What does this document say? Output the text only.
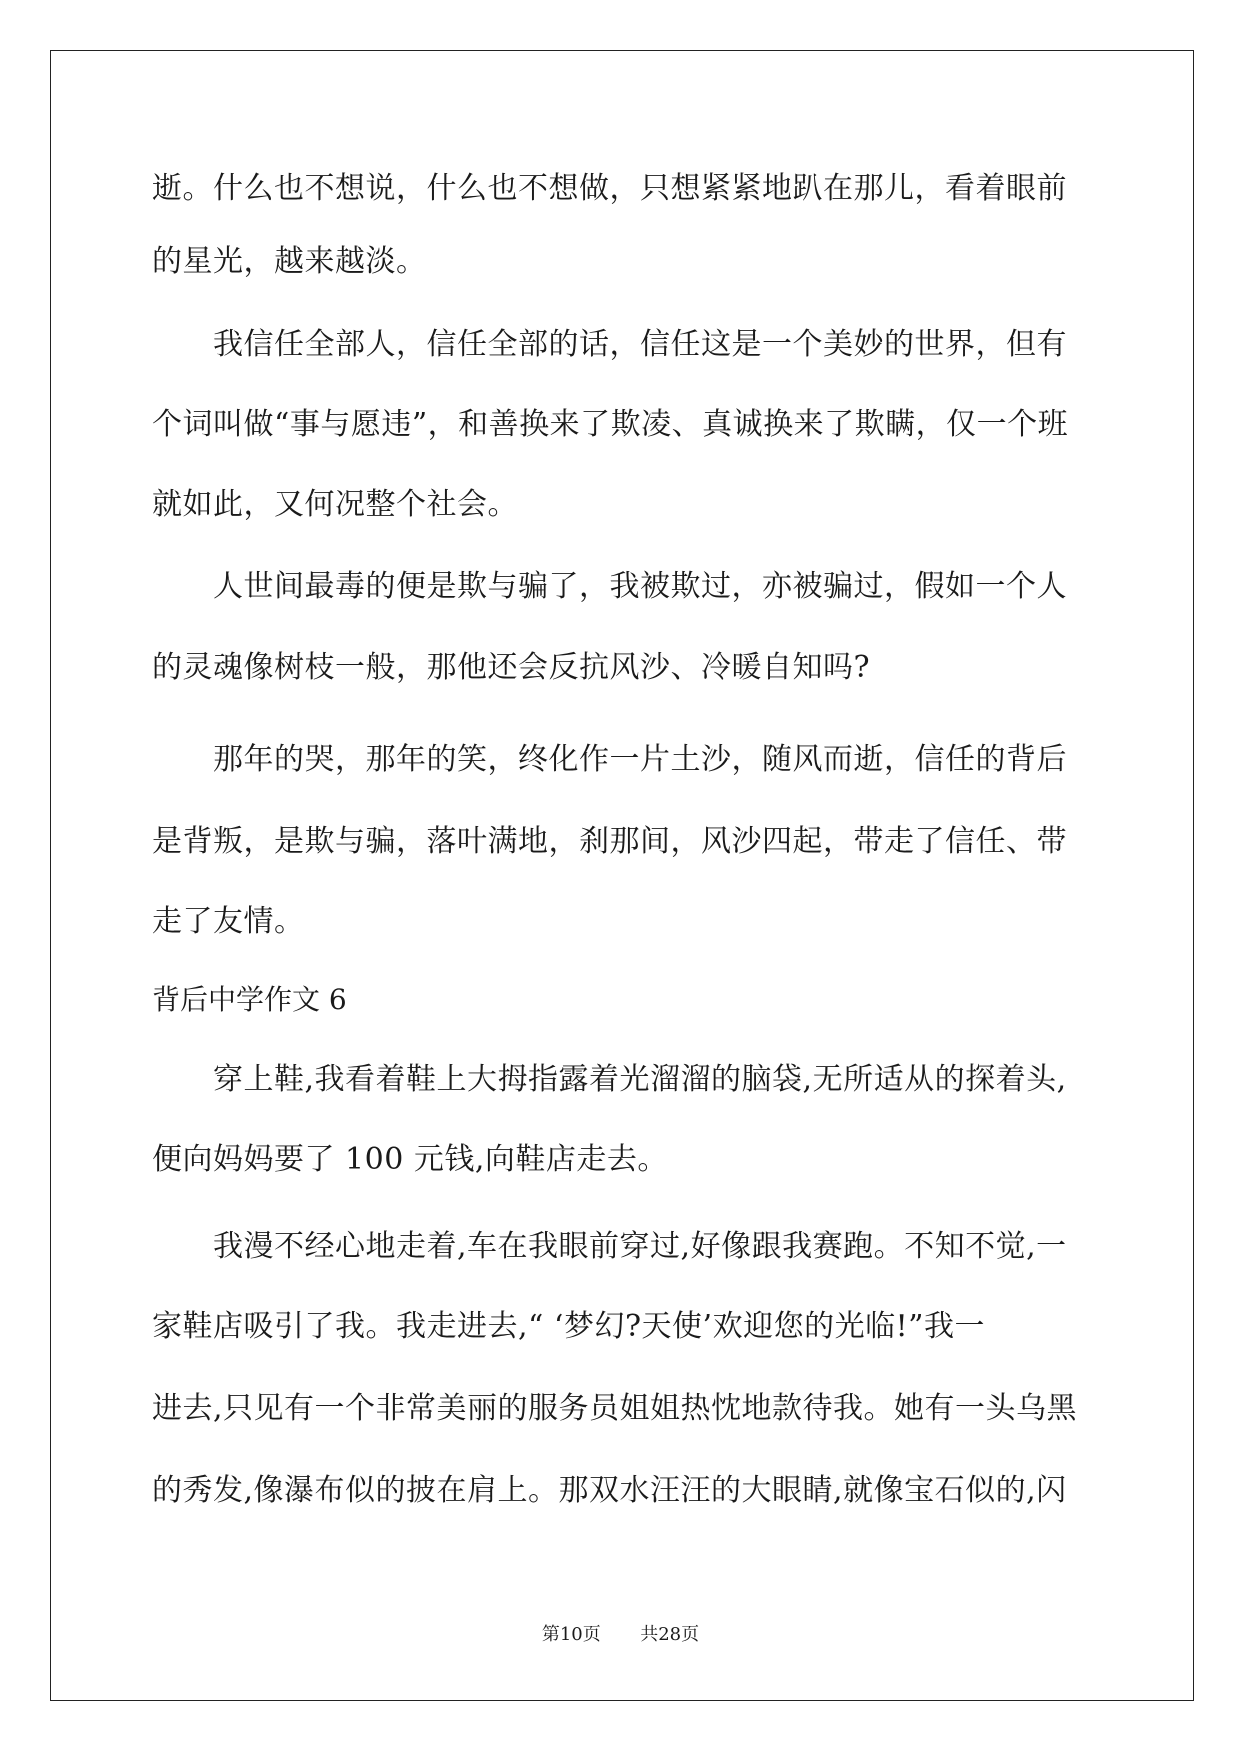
逝。什么也不想说，什么也不想做，只想紧紧地趴在那儿，看着眼前
的星光，越来越淡。
　　我信任全部人，信任全部的话，信任这是一个美妙的世界，但有
个词叫做“事与愿违”，和善换来了欺凌、真诚换来了欺瞒，仅一个班
就如此，又何况整个社会。
　　人世间最毒的便是欺与骗了，我被欺过，亦被骗过，假如一个人
的灵魂像树枝一般，那他还会反抗风沙、冷暖自知吗?
　　那年的哭，那年的笑，终化作一片土沙，随风而逝，信任的背后
是背叛，是欺与骗，落叶满地，刹那间，风沙四起，带走了信任、带
走了友情。
背后中学作文 6
　　穿上鞋,我看着鞋上大拇指露着光溜溜的脑袋,无所适从的探着头,
便向妈妈要了 100 元钱,向鞋店走去。
　　我漫不经心地走着,车在我眼前穿过,好像跟我赛跑。不知不觉,一
家鞋店吸引了我。我走进去,“ ‘梦幻?天使’欢迎您的光临!”我一
进去,只见有一个非常美丽的服务员姐姐热忱地款待我。她有一头乌黑
的秀发,像瀑布似的披在肩上。那双水汪汪的大眼睛,就像宝石似的,闪
第10页 共28页
